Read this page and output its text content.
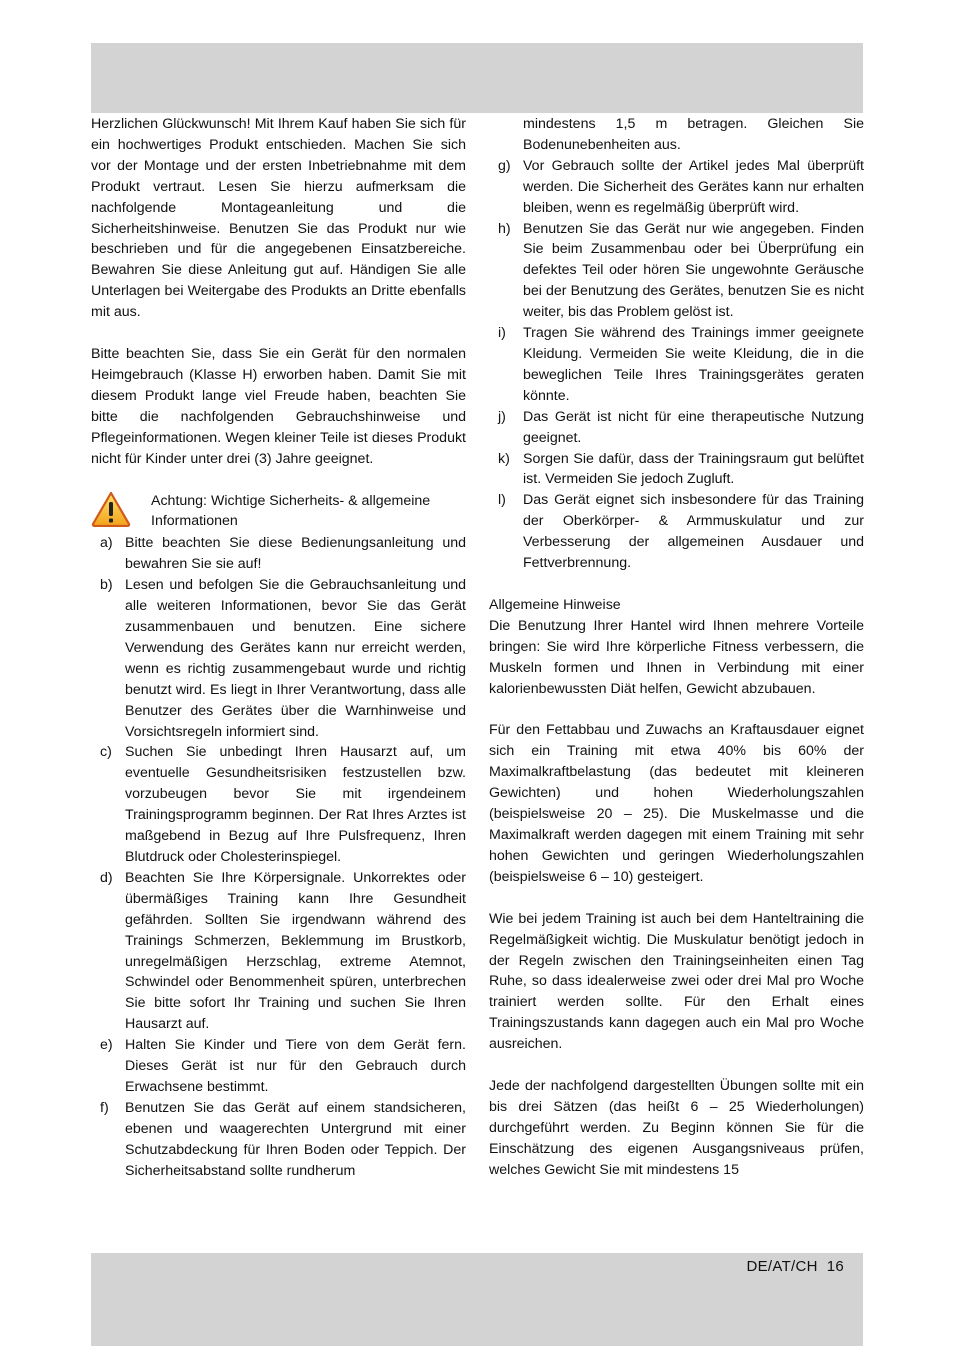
Herzlichen Glückwunsch! Mit Ihrem Kauf haben Sie sich für ein hochwertiges Produkt entschieden. Machen Sie sich vor der Montage und der ersten Inbetriebnahme mit dem Produkt vertraut. Lesen Sie hierzu aufmerksam die nachfolgende Montageanleitung und die Sicherheitshinweise. Benutzen Sie das Produkt nur wie beschrieben und für die angegebenen Einsatzbereiche. Bewahren Sie diese Anleitung gut auf. Händigen Sie alle Unterlagen bei Weitergabe des Produkts an Dritte ebenfalls mit aus.

Bitte beachten Sie, dass Sie ein Gerät für den normalen Heimgebrauch (Klasse H) erworben haben. Damit Sie mit diesem Produkt lange viel Freude haben, beachten Sie bitte die nachfolgenden Gebrauchshinweise und Pflegeinformationen. Wegen kleiner Teile ist dieses Produkt nicht für Kinder unter drei (3) Jahre geeignet.

Achtung: Wichtige Sicherheits- & allgemeine Informationen

a) Bitte beachten Sie diese Bedienungsanleitung und bewahren Sie sie auf!

b) Lesen und befolgen Sie die Gebrauchsanleitung und alle weiteren Informationen, bevor Sie das Gerät zusammenbauen und benutzen. Eine sichere Verwendung des Gerätes kann nur erreicht werden, wenn es richtig zusammengebaut wurde und richtig benutzt wird. Es liegt in Ihrer Verantwortung, dass alle Benutzer des Gerätes über die Warnhinweise und Vorsichtsregeln informiert sind.

c) Suchen Sie unbedingt Ihren Hausarzt auf, um eventuelle Gesundheitsrisiken festzustellen bzw. vorzubeugen bevor Sie mit irgendeinem Trainingsprogramm beginnen. Der Rat Ihres Arztes ist maßgebend in Bezug auf Ihre Pulsfrequenz, Ihren Blutdruck oder Cholesterinspiegel.

d) Beachten Sie Ihre Körpersignale. Unkorrektes oder übermäßiges Training kann Ihre Gesundheit gefährden. Sollten Sie irgendwann während des Trainings Schmerzen, Beklemmung im Brustkorb, unregelmäßigen Herzschlag, extreme Atemnot, Schwindel oder Benommenheit spüren, unterbrechen Sie bitte sofort Ihr Training und suchen Sie Ihren Hausarzt auf.

e) Halten Sie Kinder und Tiere von dem Gerät fern. Dieses Gerät ist nur für den Gebrauch durch Erwachsene bestimmt.

f)	Benutzen Sie das Gerät auf einem standsicheren, ebenen und waagerechten Untergrund mit einer Schutzabdeckung für Ihren Boden oder Teppich. Der Sicherheitsabstand sollte rundherum

mindestens 1,5 m betragen. Gleichen Sie Bodenunebenheiten aus.

g) Vor Gebrauch sollte der Artikel jedes Mal überprüft werden. Die Sicherheit des Gerätes kann nur erhalten bleiben, wenn es regelmäßig überprüft wird.

h) Benutzen Sie das Gerät nur wie angegeben. Finden Sie beim Zusammenbau oder bei Überprüfung ein defektes Teil oder hören Sie ungewohnte Geräusche bei der Benutzung des Gerätes, benutzen Sie es nicht weiter, bis das Problem gelöst ist.

i)	Tragen Sie während des Trainings immer geeignete Kleidung. Vermeiden Sie weite Kleidung, die in die beweglichen Teile Ihres Trainingsgerätes geraten könnte.

j)	Das Gerät ist nicht für eine therapeutische Nutzung geeignet.

k) Sorgen Sie dafür, dass der Trainingsraum gut belüftet ist. Vermeiden Sie jedoch Zugluft.

l)	Das Gerät eignet sich insbesondere für das Training der Oberkörper- & Armmuskulatur und zur Verbesserung der allgemeinen Ausdauer und Fettverbrennung.

Allgemeine Hinweise

Die Benutzung Ihrer Hantel wird Ihnen mehrere Vorteile bringen: Sie wird Ihre körperliche Fitness verbessern, die Muskeln formen und Ihnen in Verbindung mit einer kalorienbewussten Diät helfen, Gewicht abzubauen.

Für den Fettabbau und Zuwachs an Kraftausdauer eignet sich ein Training mit etwa 40% bis 60% der Maximalkraftbelastung (das bedeutet mit kleineren Gewichten) und hohen Wiederholungszahlen (beispielsweise 20 – 25). Die Muskelmasse und die Maximalkraft werden dagegen mit einem Training mit sehr hohen Gewichten und geringen Wiederholungszahlen (beispielsweise 6 – 10) gesteigert.

Wie bei jedem Training ist auch bei dem Hanteltraining die Regelmäßigkeit wichtig. Die Muskulatur benötigt jedoch in der Regeln zwischen den Trainingseinheiten einen Tag Ruhe, so dass idealerweise zwei oder drei Mal pro Woche trainiert werden sollte. Für den Erhalt eines Trainingszustands kann dagegen auch ein Mal pro Woche ausreichen.

Jede der nachfolgend dargestellten Übungen sollte mit ein bis drei Sätzen (das heißt 6 – 25 Wiederholungen) durchgeführt werden. Zu Beginn können Sie für die Einschätzung des eigenen Ausgangsniveaus prüfen, welches Gewicht Sie mit mindestens 15

DE/AT/CH 16
